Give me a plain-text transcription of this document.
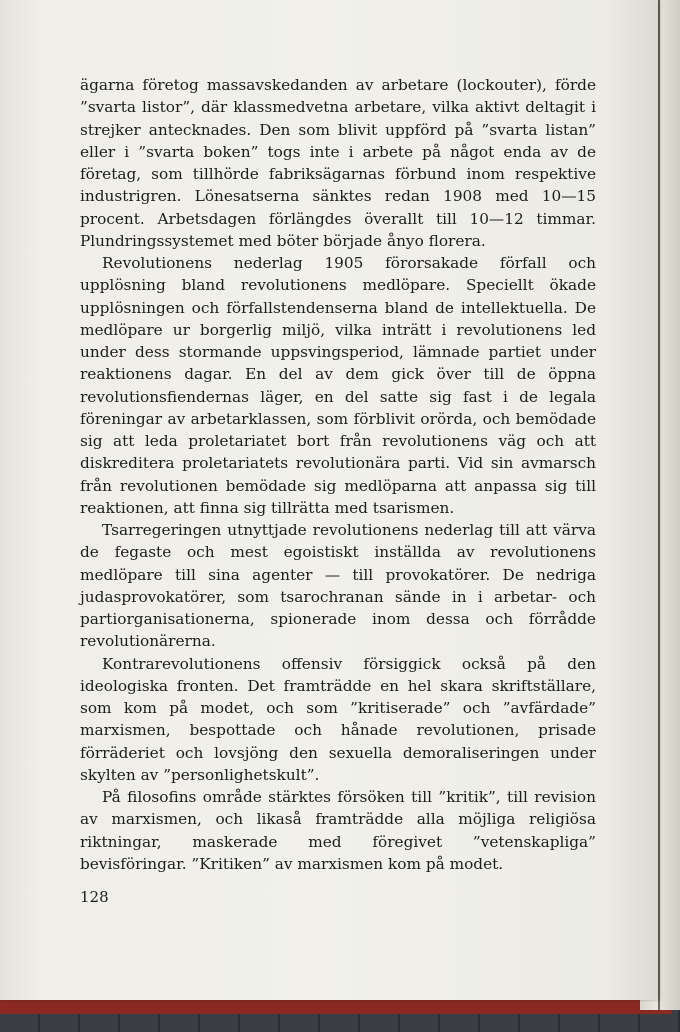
ägarna företog massavskedanden av arbetare (lockouter), förde ”svarta listor”, där klassmedvetna arbetare, vilka aktivt deltagit i strejker antecknades. Den som blivit uppförd på ”svarta listan” eller i ”svarta boken” togs inte i arbete på något enda av de företag, som tillhörde fabriksägarnas förbund inom respektive industrigren. Lönesatserna sänktes redan 1908 med 10—15 procent. Arbetsdagen förlängdes överallt till 10—12 timmar. Plundringssystemet med böter började ånyo florera.

Revolutionens nederlag 1905 förorsakade förfall och upplösning bland revolutionens medlöpare. Speciellt ökade upplösningen och förfallstendenserna bland de intellektuella. De medlöpare ur borgerlig miljö, vilka inträtt i revolutionens led under dess stormande uppsvingsperiod, lämnade partiet under reaktionens dagar. En del av dem gick över till de öppna revolutionsfiendernas läger, en del satte sig fast i de legala föreningar av arbetarklassen, som förblivit orörda, och bemödade sig att leda proletariatet bort från revolutionens väg och att diskreditera proletariatets revolutionära parti. Vid sin avmarsch från revolutionen bemödade sig medlöparna att anpassa sig till reaktionen, att finna sig tillrätta med tsarismen.

Tsarregeringen utnyttjade revolutionens nederlag till att värva de fegaste och mest egoistiskt inställda av revolutionens medlöpare till sina agenter — till provokatörer. De nedriga judasprovokatörer, som tsarochranan sände in i arbetar- och partiorganisationerna, spionerade inom dessa och förrådde revolutionärerna.

Kontrarevolutionens offensiv försiggick också på den ideologiska fronten. Det framträdde en hel skara skriftställare, som kom på modet, och som ”kritiserade” och ”avfärdade” marxismen, bespottade och hånade revolutionen, prisade förräderiet och lovsjöng den sexuella demoraliseringen under skylten av ”personlighetskult”.

På filosofins område stärktes försöken till ”kritik”, till revision av marxismen, och likaså framträdde alla möjliga religiösa riktningar, maskerade med föregivet ”vetenskapliga” bevisföringar. ”Kritiken” av marxismen kom på modet.

128
